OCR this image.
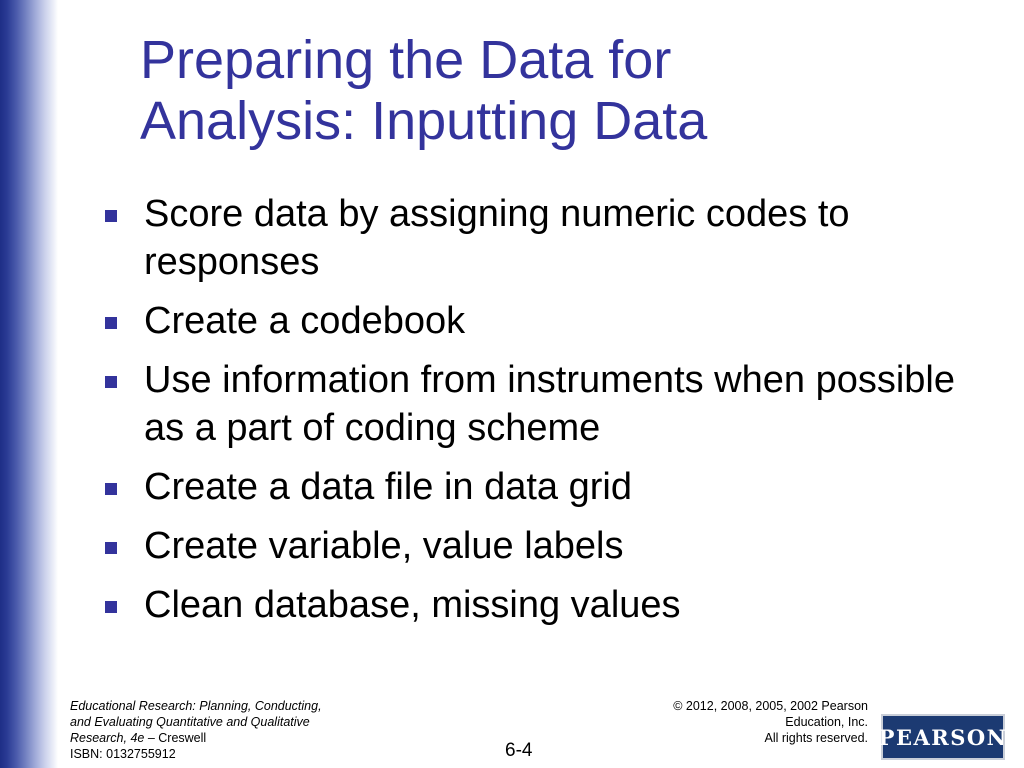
Preparing the Data for
Analysis: Inputting Data
Score data by assigning numeric codes to responses
Create a codebook
Use information from instruments when possible as a part of coding scheme
Create a data file in data grid
Create variable, value labels
Clean database, missing values
Educational Research: Planning, Conducting,
and Evaluating Quantitative and Qualitative
Research, 4e – Creswell
ISBN: 0132755912	6-4
© 2012, 2008, 2005, 2002 Pearson
Education, Inc.
All rights reserved. PEARSON
